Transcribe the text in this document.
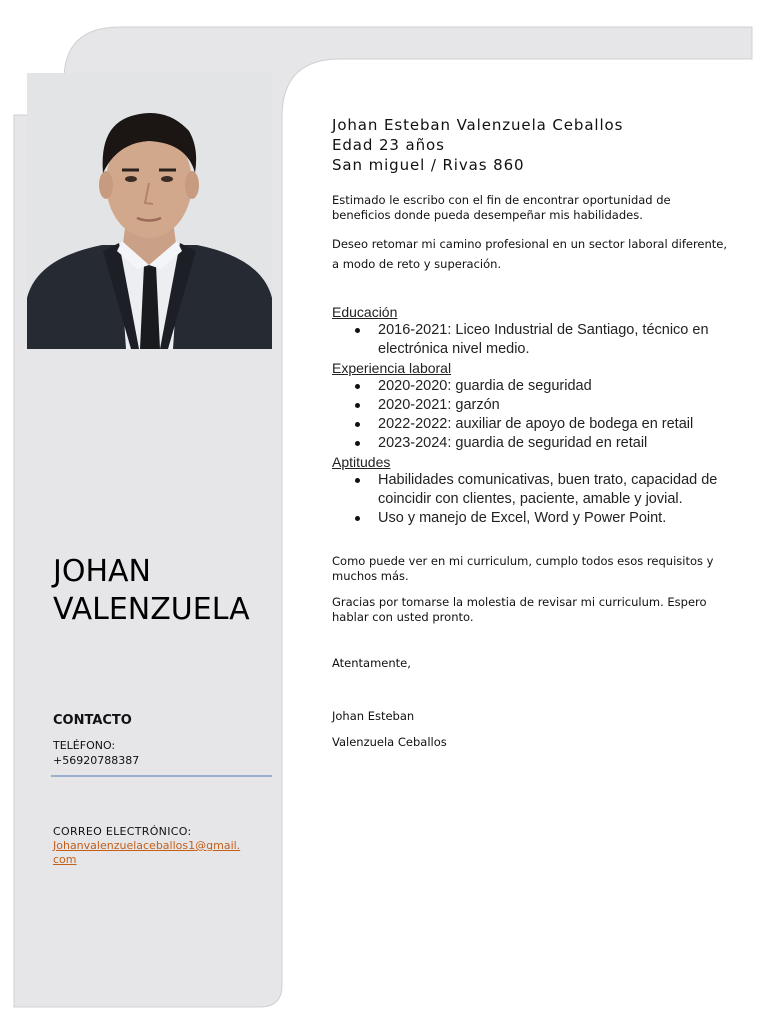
JOHAN
VALENZUELA
CONTACTO
TELÉFONO:
+56920788387
CORREO ELECTRÓNICO:
Johanvalenzuelaceballos1@gmail.com
Johan Esteban Valenzuela Ceballos
Edad 23 años
San miguel / Rivas 860

Estimado le escribo con el fin de encontrar oportunidad de beneficios donde pueda desempeñar mis habilidades.

Deseo retomar mi camino profesional en un sector laboral diferente, a modo de reto y superación.

Educación
2016-2021: Liceo Industrial de Santiago, técnico en electrónica nivel medio.
Experiencia laboral
2020-2020: guardia de seguridad
2020-2021: garzón
2022-2022: auxiliar de apoyo de bodega en retail
2023-2024: guardia de seguridad en retail
Aptitudes
Habilidades comunicativas, buen trato, capacidad de coincidir con clientes, paciente, amable y jovial.
Uso y manejo de Excel, Word y Power Point.

Como puede ver en mi curriculum, cumplo todos esos requisitos y muchos más.

Gracias por tomarse la molestia de revisar mi curriculum. Espero hablar con usted pronto.

Atentamente,

Johan Esteban

Valenzuela Ceballos
